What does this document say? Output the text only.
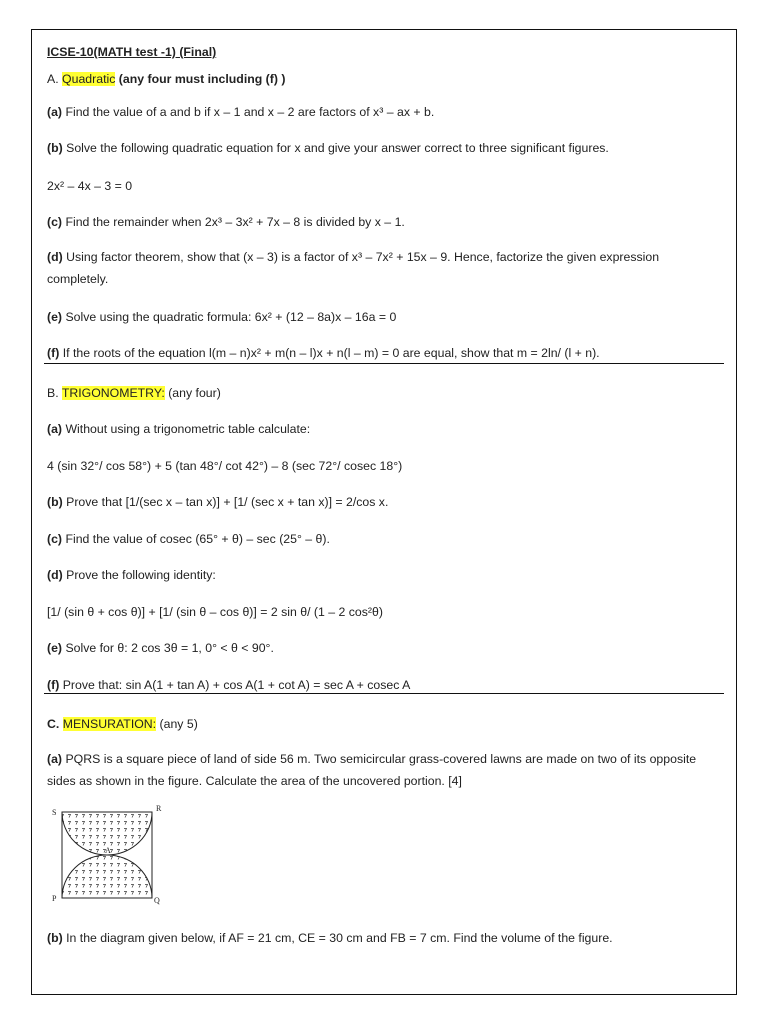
ICSE-10(MATH test -1) (Final)
A. Quadratic (any four must including (f) )
(a) Find the value of a and b if x – 1 and x – 2 are factors of x³ – ax + b.
(b) Solve the following quadratic equation for x and give your answer correct to three significant figures.
2x² – 4x – 3 = 0
(c) Find the remainder when 2x³ – 3x² + 7x – 8 is divided by x – 1.
(d) Using factor theorem, show that (x – 3) is a factor of x³ – 7x² + 15x – 9. Hence, factorize the given expression completely.
(e) Solve using the quadratic formula: 6x² + (12 – 8a)x – 16a = 0
(f) If the roots of the equation l(m – n)x² + m(n – l)x + n(l – m) = 0 are equal, show that m = 2ln/ (l + n).
B. TRIGONOMETRY: (any four)
(a) Without using a trigonometric table calculate:
4 (sin 32°/ cos 58°) + 5 (tan 48°/ cot 42°) – 8 (sec 72°/ cosec 18°)
(b) Prove that [1/(sec x – tan x)] + [1/ (sec x + tan x)] = 2/cos x.
(c) Find the value of cosec (65° + θ) – sec (25° – θ).
(d) Prove the following identity:
[1/ (sin θ + cos θ)] + [1/ (sin θ – cos θ)] = 2 sin θ/ (1 – 2 cos²θ)
(e) Solve for θ: 2 cos 3θ = 1, 0° < θ < 90°.
(f) Prove that: sin A(1 + tan A) + cos A(1 + cot A) = sec A + cosec A
C. MENSURATION: (any 5)
(a) PQRS is a square piece of land of side 56 m. Two semicircular grass-covered lawns are made on two of its opposite sides as shown in the figure. Calculate the area of the uncovered portion. [4]
S	R
P	Q
A
(b) In the diagram given below, if AF = 21 cm, CE = 30 cm and FB = 7 cm. Find the volume of the figure.
